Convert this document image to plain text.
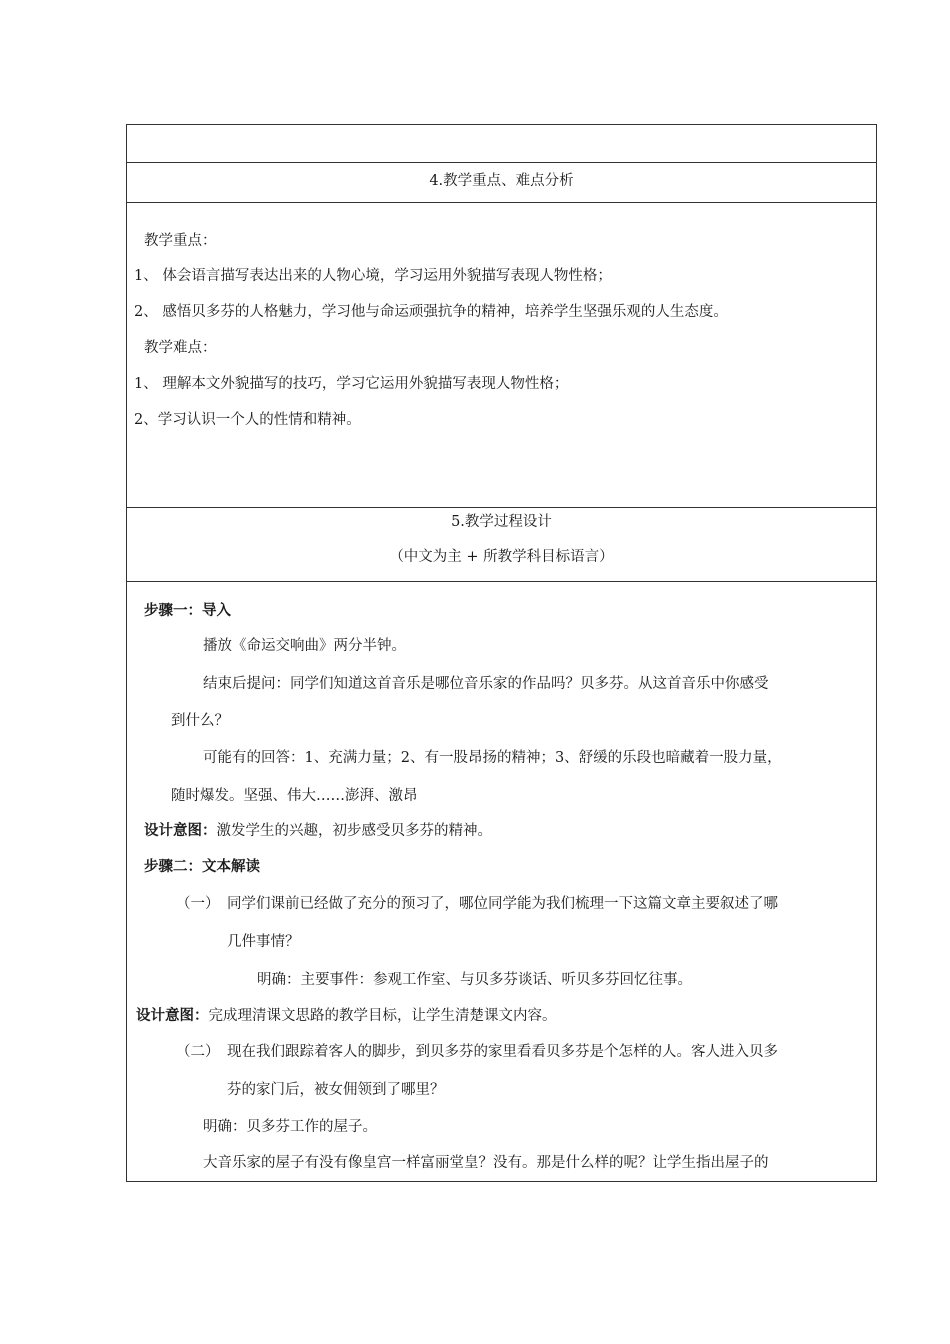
4.教学重点、难点分析
教学重点：
1、 体会语言描写表达出来的人物心境，学习运用外貌描写表现人物性格；
2、 感悟贝多芬的人格魅力，学习他与命运顽强抗争的精神，培养学生坚强乐观的人生态度。
教学难点：
1、 理解本文外貌描写的技巧，学习它运用外貌描写表现人物性格；
2、学习认识一个人的性情和精神。
5.教学过程设计
（中文为主 + 所教学科目标语言）
步骤一：导入
播放《命运交响曲》两分半钟。
结束后提问：同学们知道这首音乐是哪位音乐家的作品吗？贝多芬。从这首音乐中你感受
到什么？
可能有的回答：1、充满力量；2、有一股昂扬的精神；3、舒缓的乐段也暗藏着一股力量，
随时爆发。坚强、伟大……澎湃、激昂
设计意图：激发学生的兴趣，初步感受贝多芬的精神。
步骤二：文本解读
（一） 同学们课前已经做了充分的预习了，哪位同学能为我们梳理一下这篇文章主要叙述了哪
几件事情？
明确：主要事件：参观工作室、与贝多芬谈话、听贝多芬回忆往事。
设计意图：完成理清课文思路的教学目标，让学生清楚课文内容。
（二） 现在我们跟踪着客人的脚步，到贝多芬的家里看看贝多芬是个怎样的人。客人进入贝多
芬的家门后，被女佣领到了哪里？
明确：贝多芬工作的屋子。
大音乐家的屋子有没有像皇宫一样富丽堂皇？没有。那是什么样的呢？让学生指出屋子的
